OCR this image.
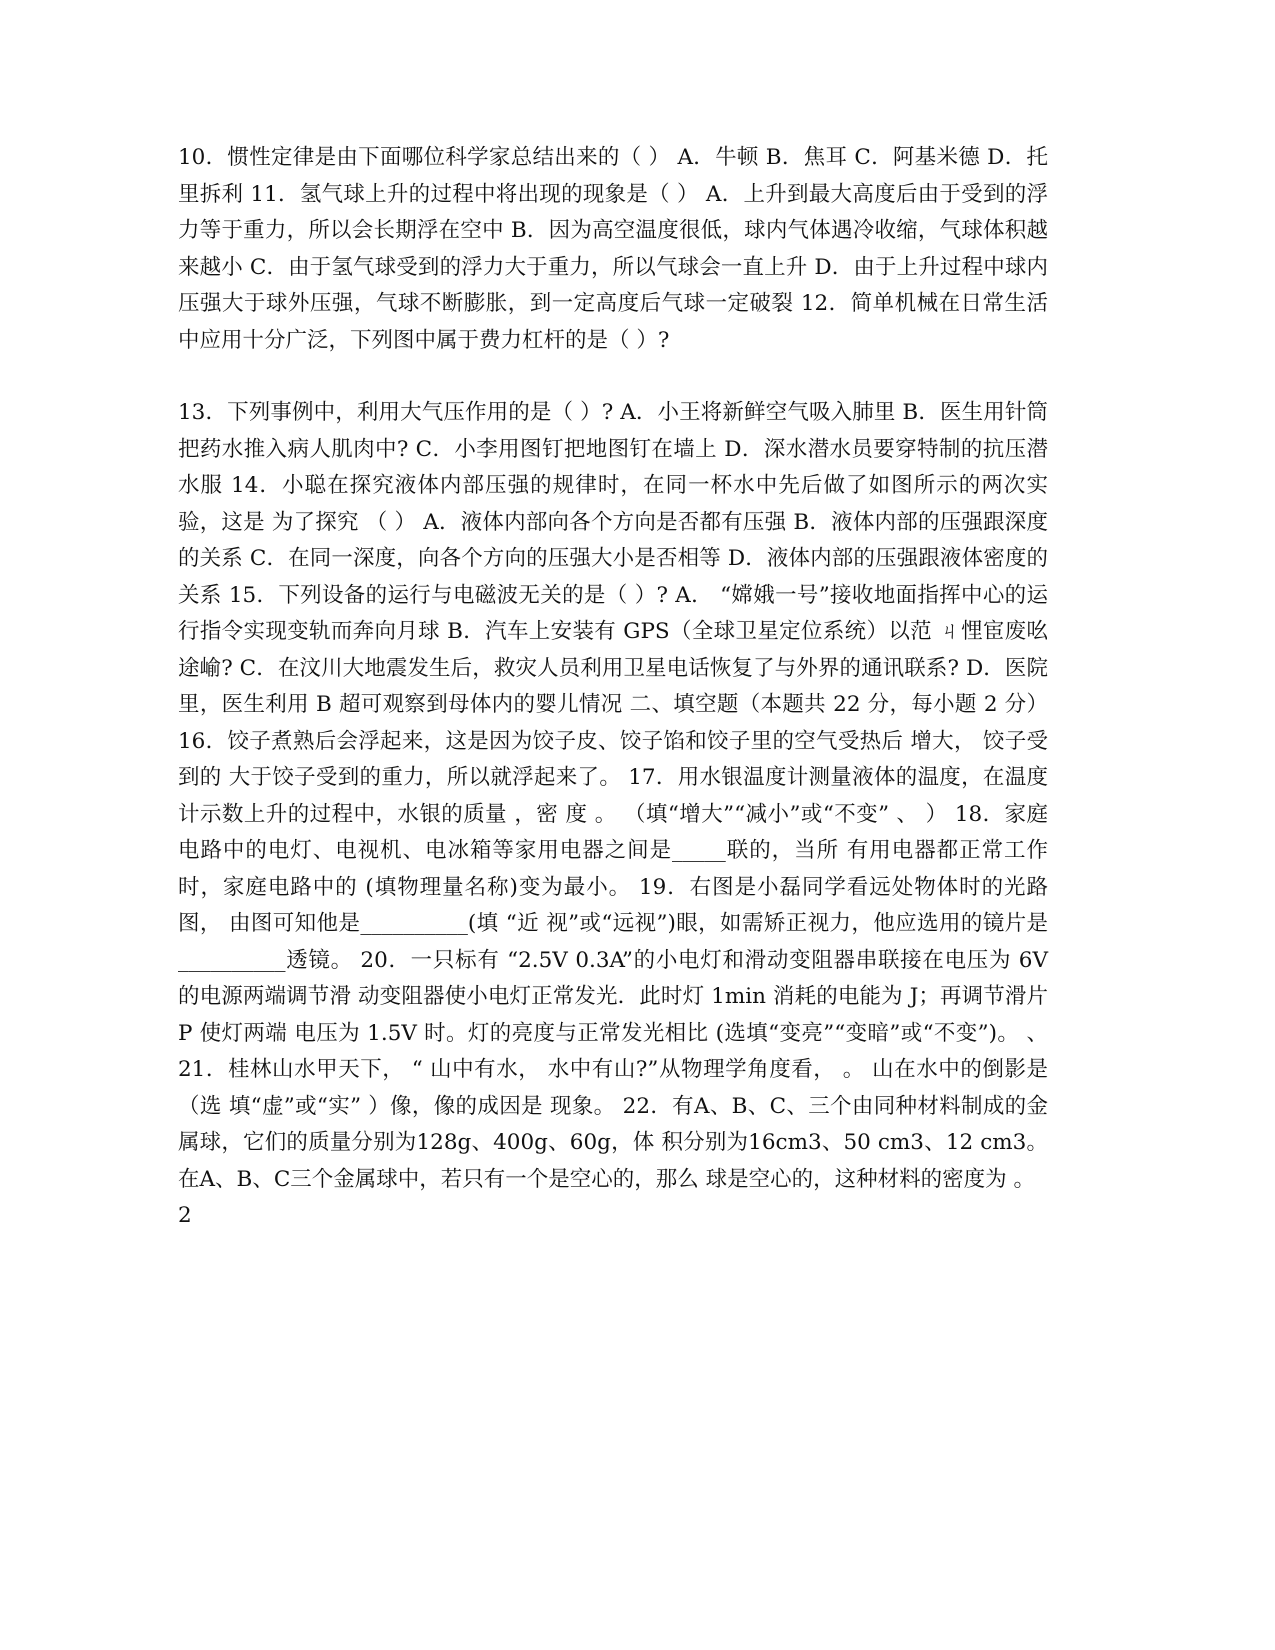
10．惯性定律是由下面哪位科学家总结出来的（ ） A．牛顿 B．焦耳 C．阿基米德 D．托里拆利 11．氢气球上升的过程中将出现的现象是（ ） A．上升到最大高度后由于受到的浮力等于重力，所以会长期浮在空中 B．因为高空温度很低，球内气体遇冷收缩，气球体积越来越小 C．由于氢气球受到的浮力大于重力，所以气球会一直上升 D．由于上升过程中球内压强大于球外压强，气球不断膨胀，到一定高度后气球一定破裂 12．简单机械在日常生活中应用十分广泛，下列图中属于费力杠杆的是（ ）?

13．下列事例中，利用大气压作用的是（ ）? A．小王将新鲜空气吸入肺里 B．医生用针筒把药水推入病人肌肉中? C．小李用图钉把地图钉在墙上 D．深水潜水员要穿特制的抗压潜水服 14．小聪在探究液体内部压强的规律时，在同一杯水中先后做了如图所示的两次实验，这是 为了探究 （ ） A．液体内部向各个方向是否都有压强 B．液体内部的压强跟深度的关系 C．在同一深度，向各个方向的压强大小是否相等 D．液体内部的压强跟液体密度的关系 15．下列设备的运行与电磁波无关的是（ ）? A． “嫦娥一号”接收地面指挥中心的运行指令实现变轨而奔向月球 B．汽车上安装有 GPS（全球卫星定位系统）以范 ㄐ悝宦废吆途崳? C．在汶川大地震发生后，救灾人员利用卫星电话恢复了与外界的通讯联系? D．医院里，医生利用 B 超可观察到母体内的婴儿情况 二、填空题（本题共 22 分，每小题 2 分） 16．饺子煮熟后会浮起来，这是因为饺子皮、饺子馅和饺子里的空气受热后 增大， 饺子受到的 大于饺子受到的重力，所以就浮起来了。 17．用水银温度计测量液体的温度，在温度计示数上升的过程中，水银的质量 ，密 度 。 （填“增大”“减小”或“不变” 、 ） 18．家庭电路中的电灯、电视机、电冰箱等家用电器之间是_____联的，当所 有用电器都正常工作时，家庭电路中的 (填物理量名称)变为最小。 19．右图是小磊同学看远处物体时的光路图， 由图可知他是__________(填 “近 视”或“远视”)眼，如需矫正视力，他应选用的镜片是__________透镜。 20．一只标有 “2.5V 0.3A”的小电灯和滑动变阻器串联接在电压为 6V 的电源两端调节滑 动变阻器使小电灯正常发光．此时灯 1min 消耗的电能为 J；再调节滑片 P 使灯两端 电压为 1.5V 时。灯的亮度与正常发光相比 (选填“变亮”“变暗”或“不变”)。 、 21．桂林山水甲天下， “ 山中有水， 水中有山?”从物理学角度看， 。 山在水中的倒影是 （选 填“虚”或“实” ）像，像的成因是 现象。 22．有A、B、C、三个由同种材料制成的金属球，它们的质量分别为128g、400g、60g，体 积分别为16cm3、50 cm3、12 cm3。在A、B、C三个金属球中，若只有一个是空心的，那么 球是空心的，这种材料的密度为 。

2
